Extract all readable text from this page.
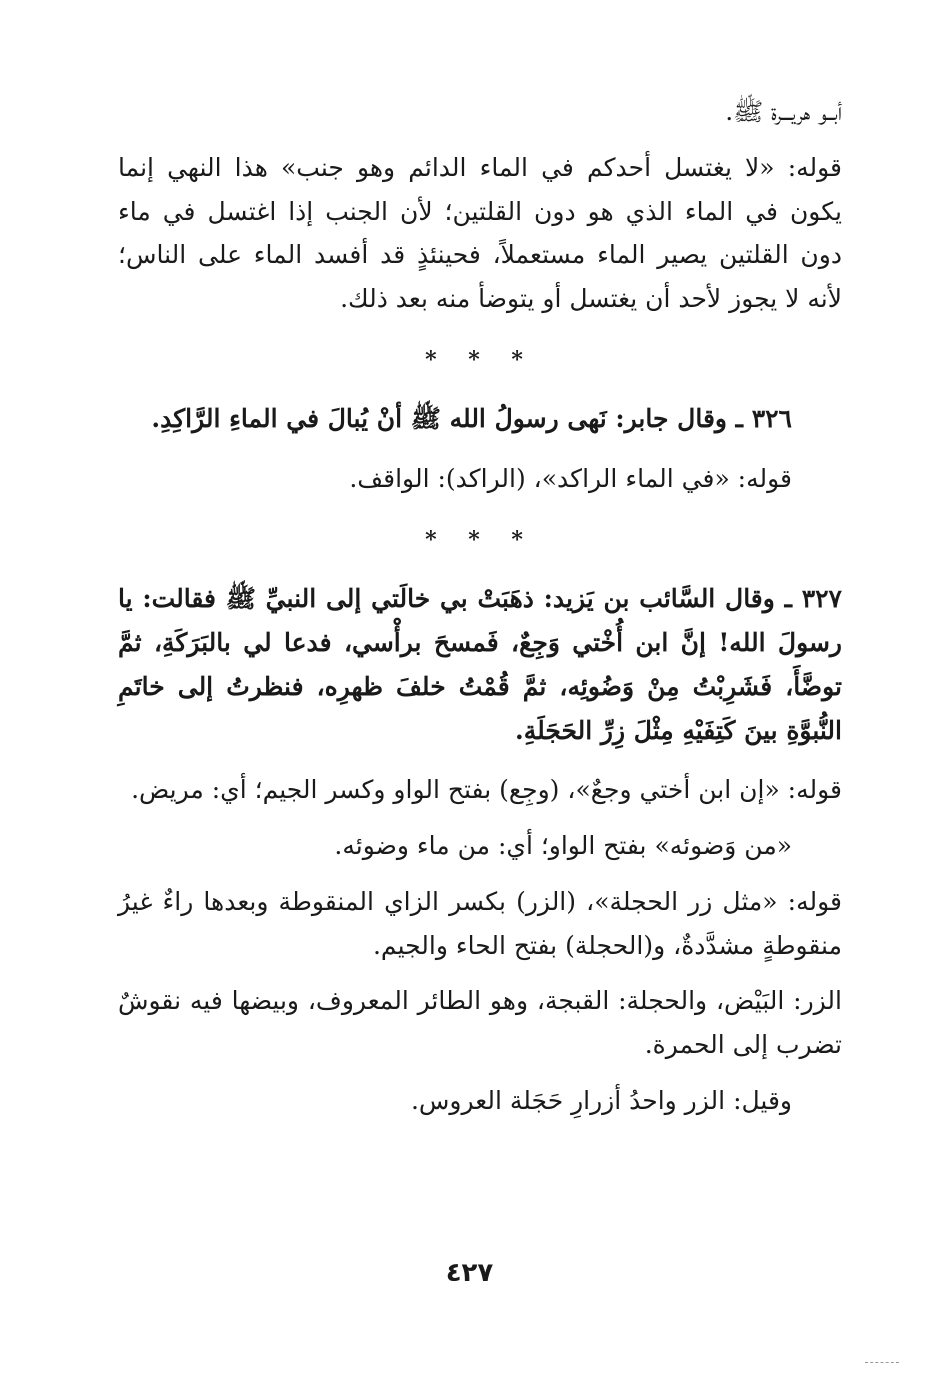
أبــو هريـــرة ﷺ.

قوله: «لا يغتسل أحدكم في الماء الدائم وهو جنب» هذا النهي إنما يكون في الماء الذي هو دون القلتين؛ لأن الجنب إذا اغتسل في ماء دون القلتين يصير الماء مستعملاً، فحينئذٍ قد أفسد الماء على الناس؛ لأنه لا يجوز لأحد أن يغتسل أو يتوضأ منه بعد ذلك.

* * *

٣٢٦ ـ وقال جابر: نَهى رسولُ الله ﷺ أنْ يُبالَ في الماءِ الرَّاكِدِ.

قوله: «في الماء الراكد»، (الراكد): الواقف.

* * *

٣٢٧ ـ وقال السَّائب بن يَزيد: ذهَبَتْ بي خالَتي إلى النبيِّ ﷺ فقالت: يا رسولَ الله! إنَّ ابن أُخْتي وَجِعٌ، فَمسحَ برأْسي، فدعا لي بالبَرَكَةِ، ثمَّ توضَّأَ، فَشَرِبْتُ مِنْ وَضُوئِه، ثمَّ قُمْتُ خلفَ ظهرِه، فنظرتُ إلى خاتَمِ النُّبوَّةِ بينَ كَتِفَيْهِ مِثْلَ زِرِّ الحَجَلَةِ.

قوله: «إن ابن أختي وجعٌ»، (وجِع) بفتح الواو وكسر الجيم؛ أي: مريض.

«من وَضوئه» بفتح الواو؛ أي: من ماء وضوئه.

قوله: «مثل زر الحجلة»، (الزر) بكسر الزاي المنقوطة وبعدها راءٌ غيرُ منقوطةٍ مشدَّدةٌ، و(الحجلة) بفتح الحاء والجيم.

الزر: البَيْض، والحجلة: القبجة، وهو الطائر المعروف، وبيضها فيه نقوشٌ تضرب إلى الحمرة.

وقيل: الزر واحدُ أزرارِ حَجَلة العروس.

٤٢٧
